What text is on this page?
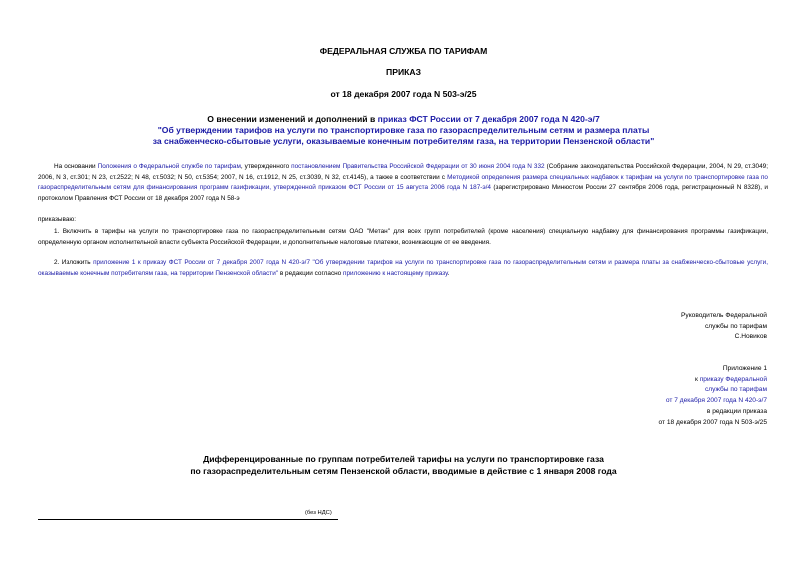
ФЕДЕРАЛЬНАЯ СЛУЖБА ПО ТАРИФАМ
ПРИКАЗ
от 18 декабря 2007 года N 503-э/25
О внесении изменений и дополнений в приказ ФСТ России от 7 декабря 2007 года N 420-э/7
"Об утверждении тарифов на услуги по транспортировке газа по газораспределительным сетям и размера платы
за снабженческо-сбытовые услуги, оказываемые конечным потребителям газа, на территории Пензенской области"
На основании Положения о Федеральной службе по тарифам, утвержденного постановлением Правительства Российской Федерации от 30 июня 2004 года N 332 (Собрание законодательства Российской Федерации, 2004, N 29, ст.3049; 2006, N 3, ст.301; N 23, ст.2522; N 48, ст.5032; N 50, ст.5354; 2007, N 16, ст.1912, N 25, ст.3039, N 32, ст.4145), а также в соответствии с Методикой определения размера специальных надбавок к тарифам на услуги по транспортировке газа по газораспределительным сетям для финансирования программ газификации, утвержденной приказом ФСТ России от 15 августа 2006 года N 187-э/4 (зарегистрировано Минюстом России 27 сентября 2006 года, регистрационный N 8328), и протоколом Правления ФСТ России от 18 декабря 2007 года N 58-э
приказываю:
1. Включить в тарифы на услуги по транспортировке газа по газораспределительным сетям ОАО "Метан" для всех групп потребителей (кроме населения) специальную надбавку для финансирования программы газификации, определенную органом исполнительной власти субъекта Российской Федерации, и дополнительные налоговые платежи, возникающие от ее введения.
2. Изложить приложение 1 к приказу ФСТ России от 7 декабря 2007 года N 420-э/7 "Об утверждении тарифов на услуги по транспортировке газа по газораспределительным сетям и размера платы за снабженческо-сбытовые услуги, оказываемые конечным потребителям газа, на территории Пензенской области" в редакции согласно приложению к настоящему приказу.
Руководитель Федеральной
службы по тарифам
С.Новиков
Приложение 1
к приказу Федеральной
службы по тарифам
от 7 декабря 2007 года N 420-э/7
в редакции приказа
от 18 декабря 2007 года N 503-э/25
Дифференцированные по группам потребителей тарифы на услуги по транспортировке газа
по газораспределительным сетям Пензенской области, вводимые в действие с 1 января 2008 года
(без НДС)
